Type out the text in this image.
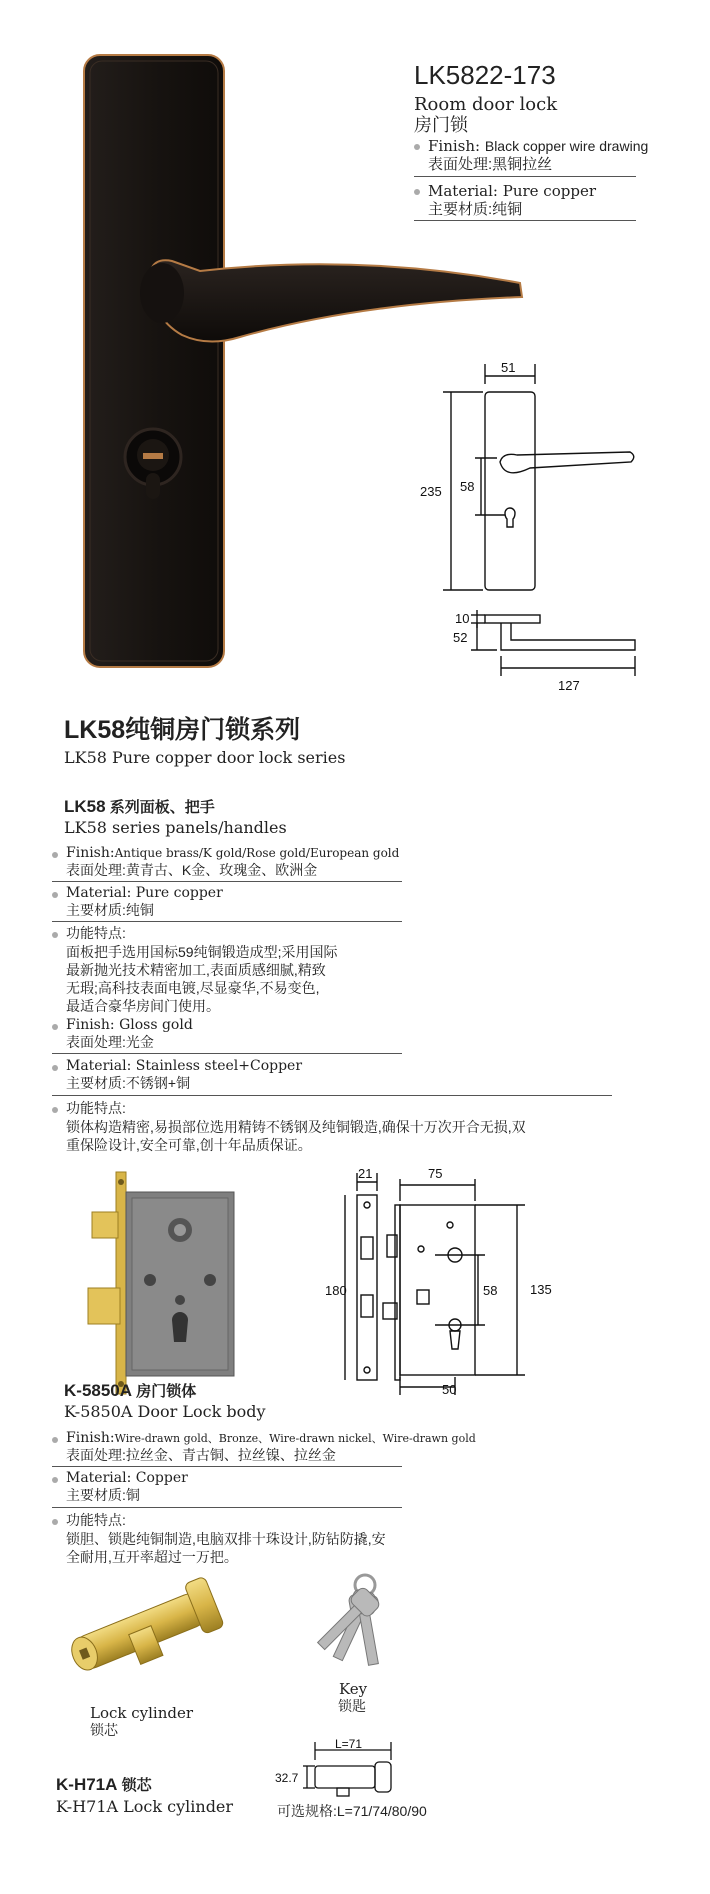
LK5822-173
Room door lock
房门锁
Finish: Black copper wire drawing
表面处理:黑铜拉丝
Material: Pure copper
主要材质:纯铜
51
235 58
10
52
127
LK58纯铜房门锁系列
LK58 Pure copper door lock series
LK58 系列面板、把手
LK58 series panels/handles
Finish:Antique brass/K gold/Rose gold/European gold
表面处理:黄青古、K金、玫瑰金、欧洲金
Material: Pure copper
主要材质:纯铜
功能特点:
面板把手选用国标59纯铜锻造成型;采用国际
最新抛光技术精密加工,表面质感细腻,精致
无瑕;高科技表面电镀,尽显豪华,不易变色,
最适合豪华房间门使用。
Finish: Gloss gold
表面处理:光金
Material: Stainless steel+Copper
主要材质:不锈钢+铜
功能特点:
锁体构造精密,易损部位选用精铸不锈钢及纯铜锻造,确保十万次开合无损,双
重保险设计,安全可靠,创十年品质保证。
21
180
75
135
58
50
K-5850A 房门锁体
K-5850A Door Lock body
Finish:Wire-drawn gold、Bronze、Wire-drawn nickel、Wire-drawn gold
表面处理:拉丝金、青古铜、拉丝镍、拉丝金
Material: Copper
主要材质:铜
功能特点:
锁胆、锁匙纯铜制造,电脑双排十珠设计,防钻防撬,安
全耐用,互开率超过一万把。
Lock cylinder
锁芯
Key
锁匙
L=71
32.7
K-H71A 锁芯
K-H71A Lock cylinder	可选规格:L=71/74/80/90
